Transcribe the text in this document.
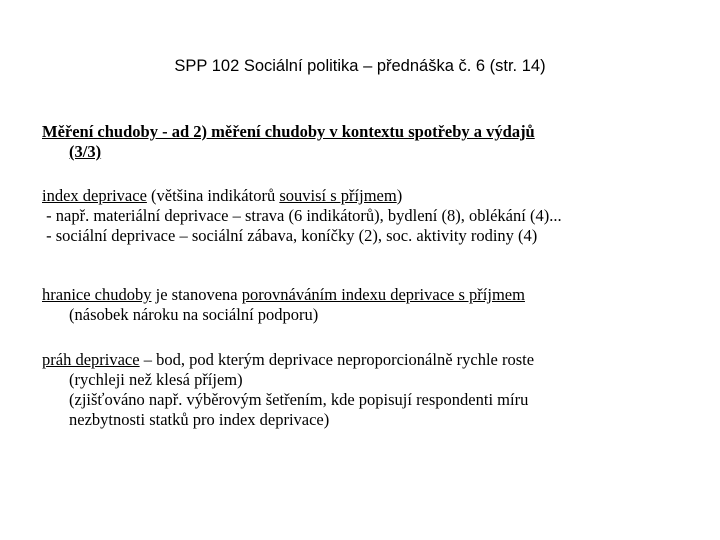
SPP 102 Sociální politika – přednáška č. 6 (str. 14)
Měření chudoby - ad 2) měření chudoby v kontextu spotřeby a výdajů
(3/3)
index deprivace (většina indikátorů souvisí s příjmem)
- např. materiální deprivace – strava (6 indikátorů), bydlení (8), oblékání (4)...
- sociální deprivace – sociální zábava, koníčky (2), soc. aktivity rodiny (4)
hranice chudoby je stanovena porovnáváním indexu deprivace s příjmem
(násobek nároku na sociální podporu)
práh deprivace – bod, pod kterým deprivace neproporcionálně rychle roste
(rychleji než klesá příjem)
(zjišťováno např. výběrovým šetřením, kde popisují respondenti míru
nezbytnosti statků pro index deprivace)
